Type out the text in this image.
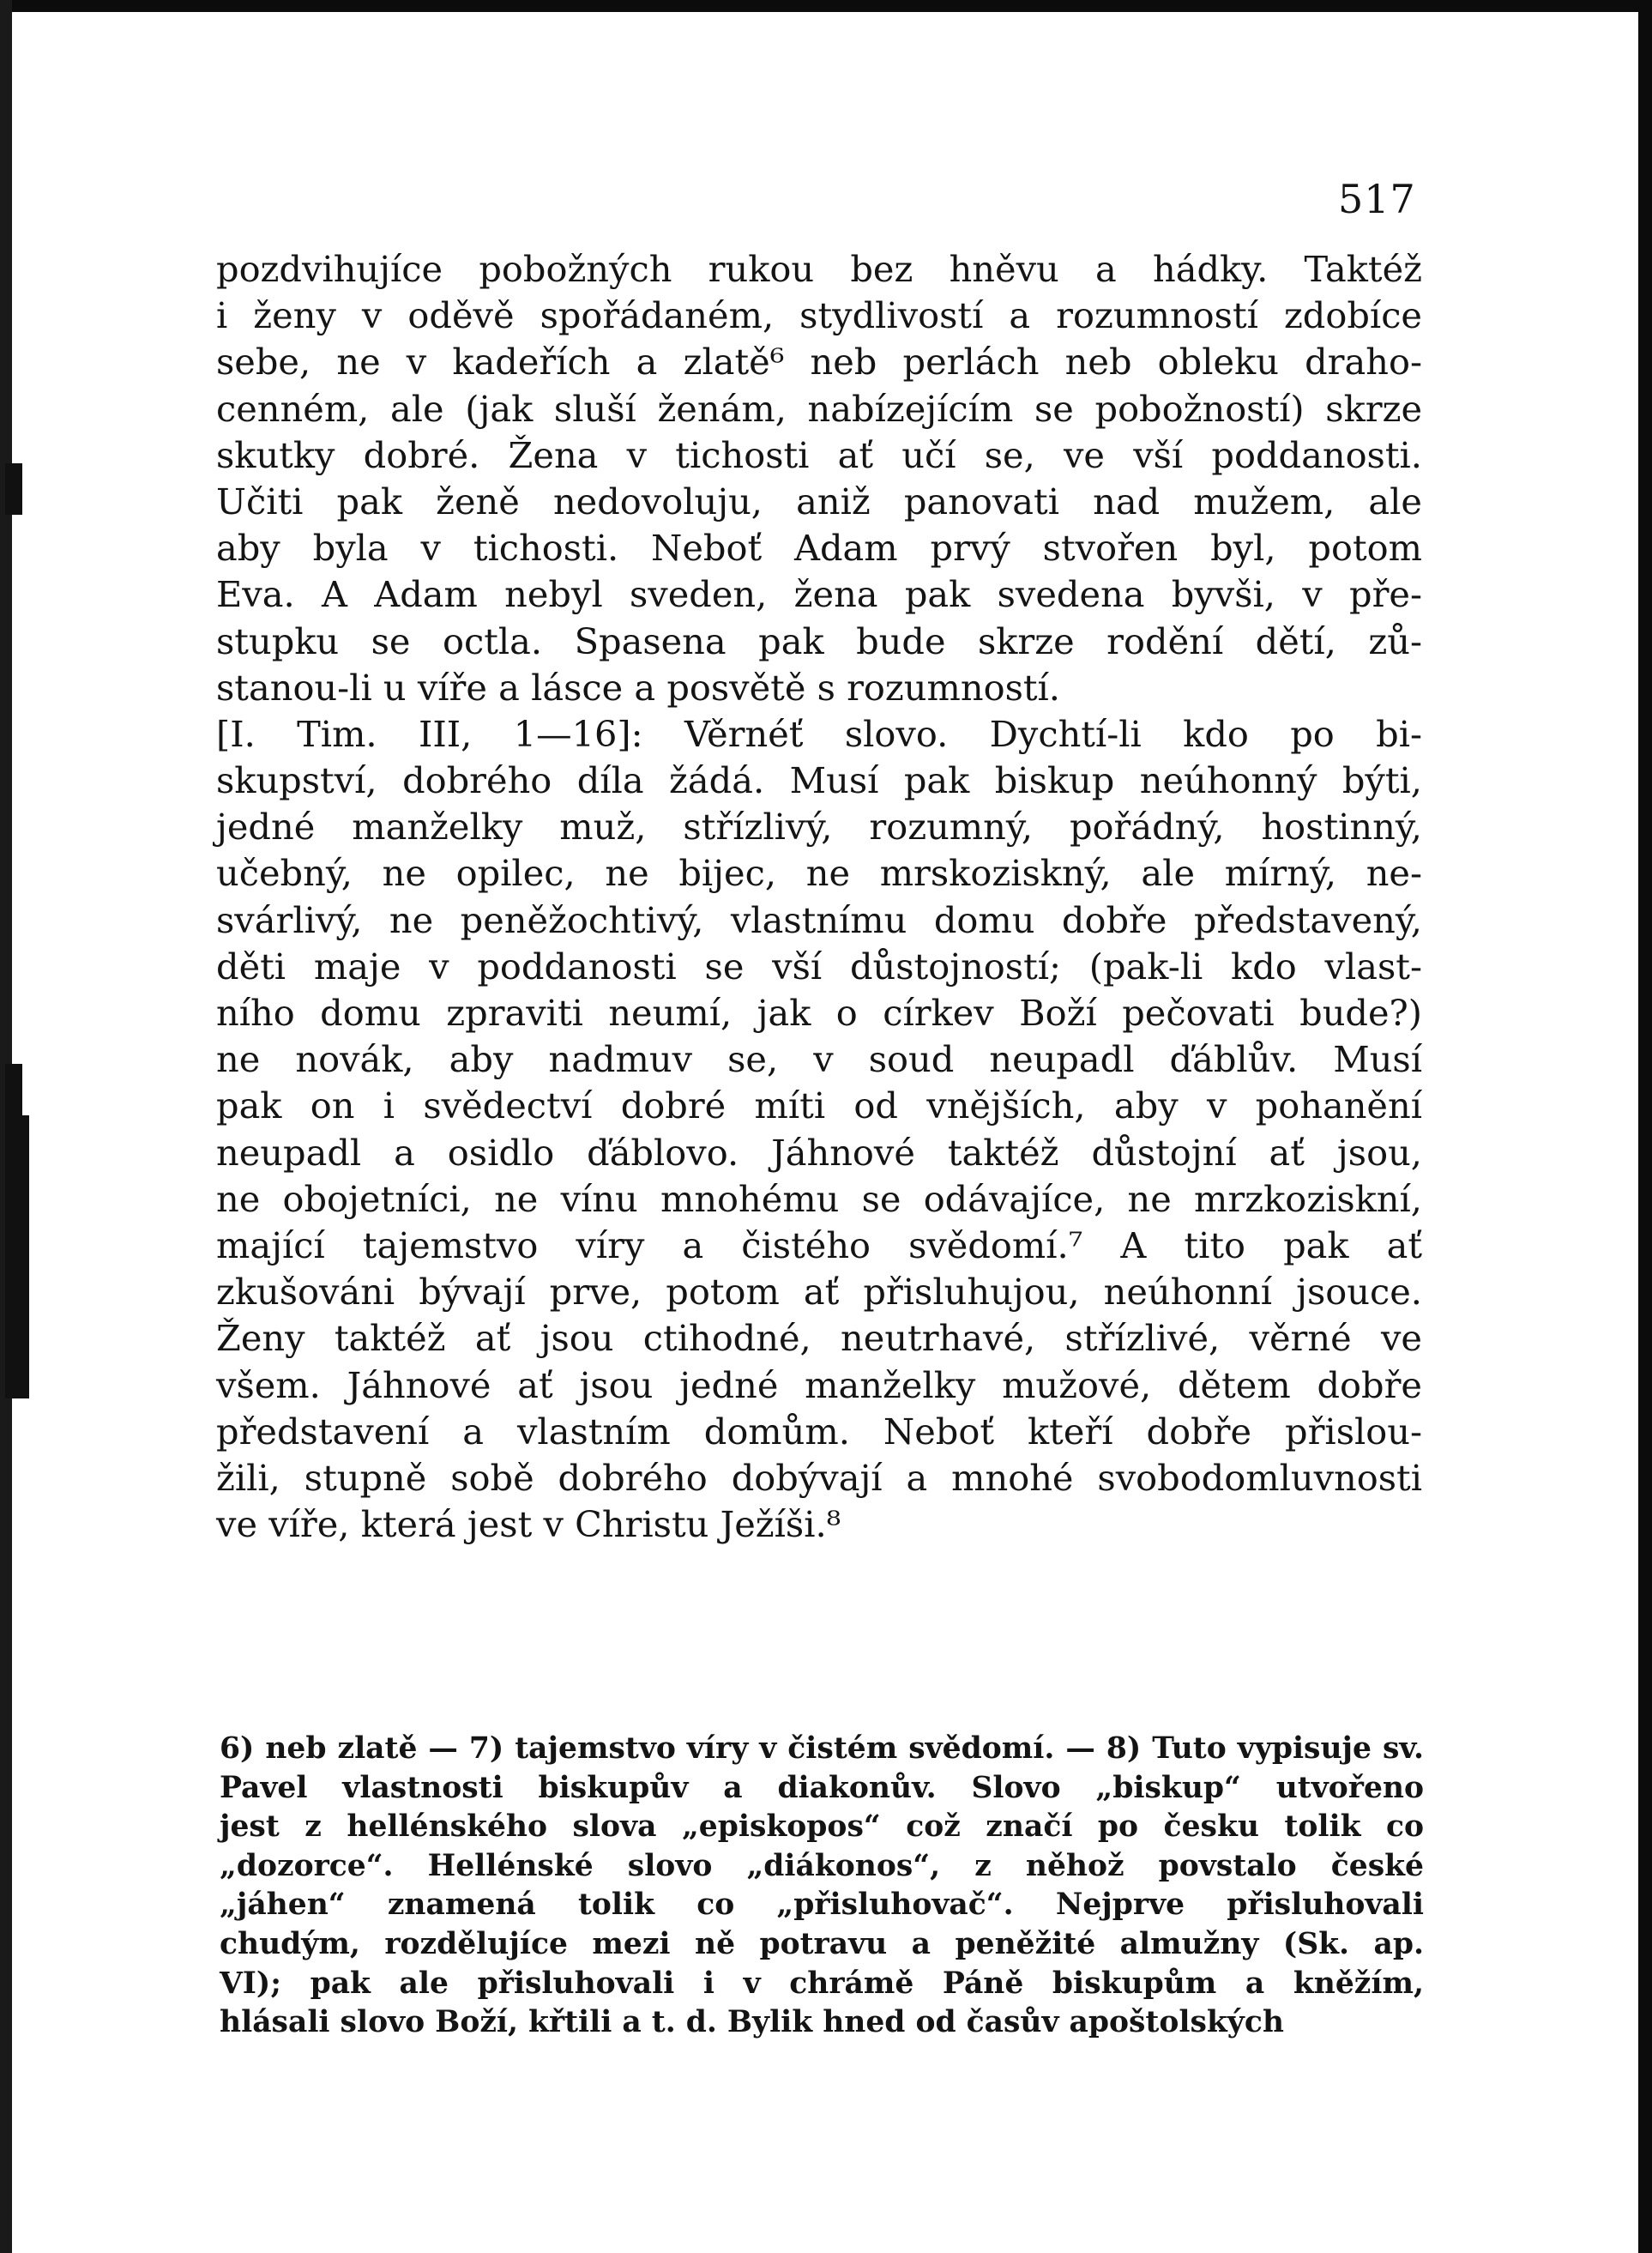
517
pozdvihujíce pobožných rukou bez hněvu a hádky. Taktéž
i ženy v oděvě spořádaném, stydlivostí a rozumností zdobíce
sebe, ne v kadeřích a zlatě⁶ neb perlách neb obleku draho-
cenném, ale (jak sluší ženám, nabízejícím se pobožností) skrze
skutky dobré. Žena v tichosti ať učí se, ve vší poddanosti.
Učiti pak ženě nedovoluju, aniž panovati nad mužem, ale
aby byla v tichosti. Neboť Adam prvý stvořen byl, potom
Eva. A Adam nebyl sveden, žena pak svedena byvši, v pře-
stupku se octla. Spasena pak bude skrze rodění dětí, zů-
stanou-li u víře a lásce a posvětě s rozumností.
[I. Tim. III, 1—16]: Věrnéť slovo. Dychtí-li kdo po bi-
skupství, dobrého díla žádá. Musí pak biskup neúhonný býti,
jedné manželky muž, střízlivý, rozumný, pořádný, hostinný,
učebný, ne opilec, ne bijec, ne mrskoziskný, ale mírný, ne-
svárlivý, ne peněžochtivý, vlastnímu domu dobře představený,
děti maje v poddanosti se vší důstojností; (pak-li kdo vlast-
ního domu zpraviti neumí, jak o církev Boží pečovati bude?)
ne novák, aby nadmuv se, v soud neupadl ďáblův. Musí
pak on i svědectví dobré míti od vnějších, aby v pohanění
neupadl a osidlo ďáblovo. Jáhnové taktéž důstojní ať jsou,
ne obojetníci, ne vínu mnohému se odávajíce, ne mrzkoziskní,
mající tajemstvo víry a čistého svědomí.⁷ A tito pak ať
zkušováni bývají prve, potom ať přisluhujou, neúhonní jsouce.
Ženy taktéž ať jsou ctihodné, neutrhavé, střízlivé, věrné ve
všem. Jáhnové ať jsou jedné manželky mužové, dětem dobře
představení a vlastním domům. Neboť kteří dobře přislou-
žili, stupně sobě dobrého dobývají a mnohé svobodomluvnosti
ve víře, která jest v Christu Ježíši.⁸
6) neb zlatě — 7) tajemstvo víry v čistém svědomí. — 8) Tuto vypisuje sv.
Pavel vlastnosti biskupův a diakonův. Slovo „biskup“ utvořeno
jest z hellénského slova „episkopos“ což značí po česku tolik co
„dozorce“. Hellénské slovo „diákonos“, z něhož povstalo české
„jáhen“ znamená tolik co „přisluhovač“. Nejprve přisluhovali
chudým, rozdělujíce mezi ně potravu a peněžité almužny (Sk. ap.
VI); pak ale přisluhovali i v chrámě Páně biskupům a kněžím,
hlásali slovo Boží, křtili a t. d. Bylik hned od časův apoštolských
